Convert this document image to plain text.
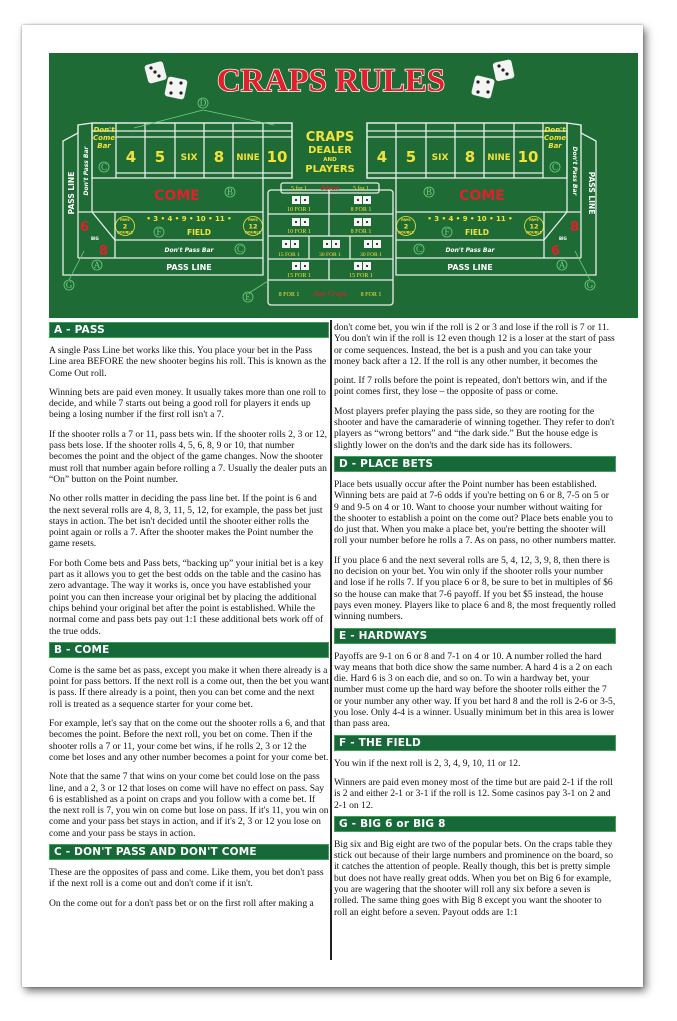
CRAPS RULES
Don't
Come
Bar
4 5 SIX 8 NINE 10
PASS LINE Don't Pass Bar
COME
• 3 • 4 • 9 • 10 • 11 •
FIELD
PAYS
2
DOUBLE
PAYS
12
DOUBLE
Don't Pass Bar
PASS LINE
6
BIG
8
Don't
Come
Bar
4 5 SIX 8 NINE 10
PASS LINE
Don't Pass Bar
COME
• 3 • 4 • 9 • 10 • 11 •
FIELD
PAYS
2
DOUBLE
PAYS
12
DOUBLE
Don't Pass Bar
PASS LINE
6
BIG
8
CRAPS
DEALER
AND
PLAYERS
5 for 1 Seven 5 for 1
10 FOR 1	8 FOR 1
10 FOR 1	8 FOR 1
15 FOR 1	30 FOR 1	30 FOR 1
15 FOR 1	15 FOR 1
8 FOR 1 Any Craps 8 FOR 1
D
A
B
C
C
F
G
E
B
C
C
F
A
G
A - PASS

A single Pass Line bet works like this. You place your bet in the Pass Line area BEFORE the new shooter begins his roll. This is known as the Come Out roll.

Winning bets are paid even money. It usually takes more than one roll to decide, and while 7 starts out being a good roll for players it ends up being a losing number if the first roll isn't a 7.

If the shooter rolls a 7 or 11, pass bets win. If the shooter rolls 2, 3 or 12, pass bets lose. If the shooter rolls 4, 5, 6, 8, 9 or 10, that number becomes the point and the object of the game changes. Now the shooter must roll that number again before rolling a 7. Usually the dealer puts an “On” button on the Point number.

No other rolls matter in deciding the pass line bet. If the point is 6 and the next several rolls are 4, 8, 3, 11, 5, 12, for example, the pass bet just stays in action. The bet isn't decided until the shooter either rolls the point again or rolls a 7. After the shooter makes the Point number the game resets.

For both Come bets and Pass bets, “backing up” your initial bet is a key part as it allows you to get the best odds on the table and the casino has zero advantage. The way it works is, once you have established your point you can then increase your original bet by placing the additional chips behind your original bet after the point is established. While the normal come and pass bets pay out 1:1 these additional bets work off of the true odds.

B - COME

Come is the same bet as pass, except you make it when there already is a point for pass bettors. If the next roll is a come out, then the bet you want is pass. If there already is a point, then you can bet come and the next roll is treated as a sequence starter for your come bet.

For example, let's say that on the come out the shooter rolls a 6, and that becomes the point. Before the next roll, you bet on come. Then if the shooter rolls a 7 or 11, your come bet wins, if he rolls 2, 3 or 12 the come bet loses and any other number becomes a point for your come bet.

Note that the same 7 that wins on your come bet could lose on the pass line, and a 2, 3 or 12 that loses on come will have no effect on pass. Say 6 is established as a point on craps and you follow with a come bet. If the next roll is 7, you win on come but lose on pass. If it's 11, you win on come and your pass bet stays in action, and if it's 2, 3 or 12 you lose on come and your pass be stays in action.

C - DON'T PASS AND DON'T COME

These are the opposites of pass and come. Like them, you bet don't pass if the next roll is a come out and don't come if it isn't.

On the come out for a don't pass bet or on the first roll after making a

don't come bet, you win if the roll is 2 or 3 and lose if the roll is 7 or 11. You don't win if the roll is 12 even though 12 is a loser at the start of pass or come sequences. Instead, the bet is a push and you can take your money back after a 12. If the roll is any other number, it becomes the

point. If 7 rolls before the point is repeated, don't bettors win, and if the point comes first, they lose – the opposite of pass or come.

Most players prefer playing the pass side, so they are rooting for the shooter and have the camaraderie of winning together. They refer to don't players as “wrong bettors” and “the dark side.” But the house edge is slightly lower on the don'ts and the dark side has its followers.

D - PLACE BETS

Place bets usually occur after the Point number has been established. Winning bets are paid at 7-6 odds if you're betting on 6 or 8, 7-5 on 5 or 9 and 9-5 on 4 or 10. Want to choose your number without waiting for the shooter to establish a point on the come out? Place bets enable you to do just that. When you make a place bet, you're betting the shooter will roll your number before he rolls a 7. As on pass, no other numbers matter.

If you place 6 and the next several rolls are 5, 4, 12, 3, 9, 8, then there is no decision on your bet. You win only if the shooter rolls your number and lose if he rolls 7. If you place 6 or 8, be sure to bet in multiples of $6 so the house can make that 7-6 payoff. If you bet $5 instead, the house pays even money. Players like to place 6 and 8, the most frequently rolled winning numbers.

E - HARDWAYS

Payoffs are 9-1 on 6 or 8 and 7-1 on 4 or 10. A number rolled the hard way means that both dice show the same number. A hard 4 is a 2 on each die. Hard 6 is 3 on each die, and so on. To win a hardway bet, your number must come up the hard way before the shooter rolls either the 7 or your number any other way. If you bet hard 8 and the roll is 2-6 or 3-5, you lose. Only 4-4 is a winner. Usually minimum bet in this area is lower than pass area.

F - THE FIELD

You win if the next roll is 2, 3, 4, 9, 10, 11 or 12.

Winners are paid even money most of the time but are paid 2-1 if the roll is 2 and either 2-1 or 3-1 if the roll is 12. Some casinos pay 3-1 on 2 and 2-1 on 12.

G - BIG 6 or BIG 8

Big six and Big eight are two of the popular bets. On the craps table they stick out because of their large numbers and prominence on the board, so it catches the attention of people. Really though, this bet is pretty simple but does not have really great odds. When you bet on Big 6 for example, you are wagering that the shooter will roll any six before a seven is rolled. The same thing goes with Big 8 except you want the shooter to roll an eight before a seven. Payout odds are 1:1
